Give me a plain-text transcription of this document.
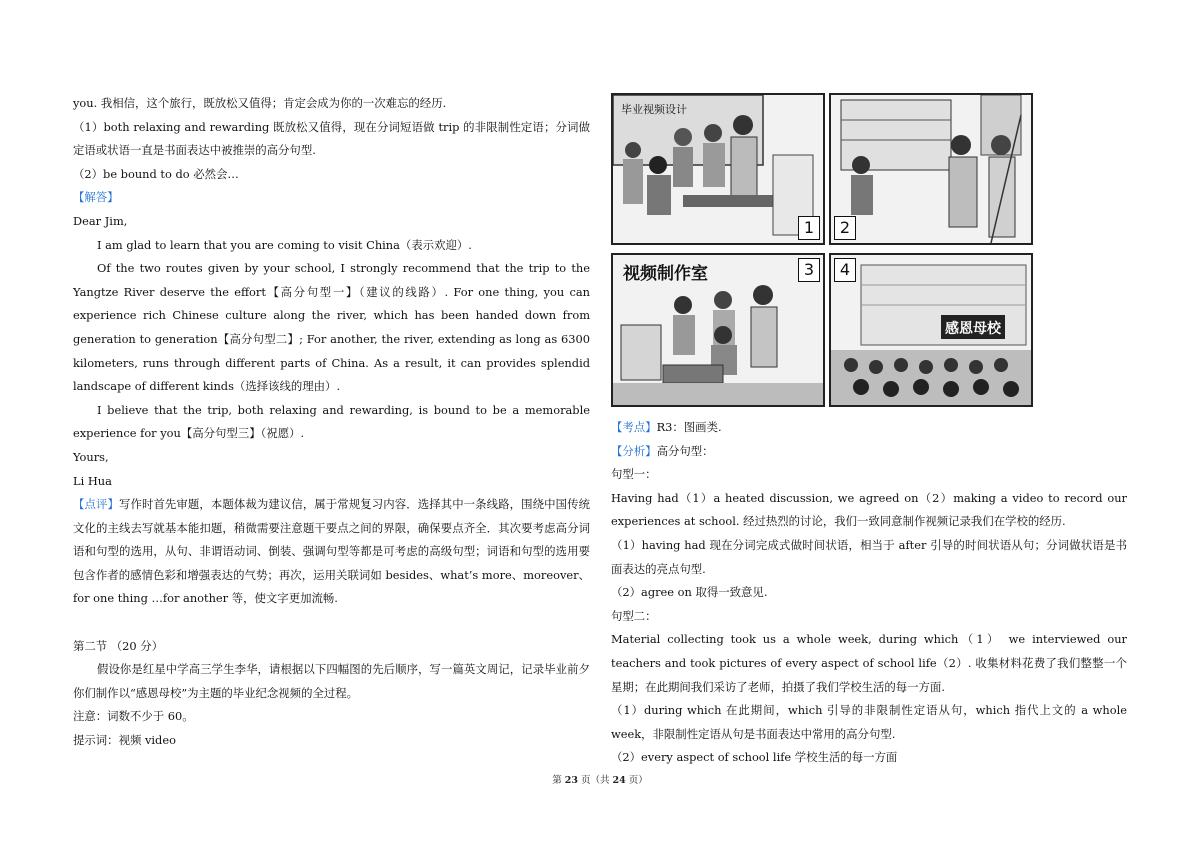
you. 我相信，这个旅行，既放松又值得；肯定会成为你的一次难忘的经历.

（1）both relaxing and rewarding 既放松又值得，现在分词短语做 trip 的非限制性定语；分词做定语或状语一直是书面表达中被推崇的高分句型.

（2）be bound to do 必然会…

【解答】

Dear Jim,

I am glad to learn that you are coming to visit China（表示欢迎）.

Of the two routes given by your school, I strongly recommend that the trip to the Yangtze River deserve the effort【高分句型一】（建议的线路）. For one thing, you can experience rich Chinese culture along the river, which has been handed down from generation to generation【高分句型二】; For another, the river, extending as long as 6300 kilometers, runs through different parts of China. As a result, it can provides splendid landscape of different kinds（选择该线的理由）.

I believe that the trip, both relaxing and rewarding, is bound to be a memorable experience for you【高分句型三】（祝愿）.

Yours,

Li Hua

【点评】写作时首先审题，本题体裁为建议信，属于常规复习内容．选择其中一条线路，围绕中国传统文化的主线去写就基本能扣题，稍微需要注意题干要点之间的界限，确保要点齐全．其次要考虑高分词语和句型的选用，从句、非谓语动词、倒装、强调句型等都是可考虑的高级句型；词语和句型的选用要包含作者的感情色彩和增强表达的气势；再次，运用关联词如 besides、what’s more、moreover、for one thing …for another 等，使文字更加流畅.

第二节 （20 分）

假设你是红星中学高三学生李华，请根据以下四幅图的先后顺序，写一篇英文周记，记录毕业前夕你们制作以“感恩母校”为主题的毕业纪念视频的全过程。

注意：词数不少于 60。

提示词：视频 video

毕业视频设计
1	2
视频制作室	3
感恩母校
4

【考点】R3：图画类.

【分析】高分句型：

句型一：

Having had（1）a heated discussion, we agreed on（2）making a video to record our experiences at school. 经过热烈的讨论，我们一致同意制作视频记录我们在学校的经历.

（1）having had 现在分词完成式做时间状语，相当于 after 引导的时间状语从句；分词做状语是书面表达的亮点句型.

（2）agree on 取得一致意见.

句型二：

Material collecting took us a whole week, during which（1） we interviewed our teachers and took pictures of every aspect of school life（2）. 收集材料花费了我们整整一个星期；在此期间我们采访了老师，拍摄了我们学校生活的每一方面.

（1）during which 在此期间，which 引导的非限制性定语从句，which 指代上文的 a whole week，非限制性定语从句是书面表达中常用的高分句型.

（2）every aspect of school life 学校生活的每一方面

第 23 页（共 24 页）
